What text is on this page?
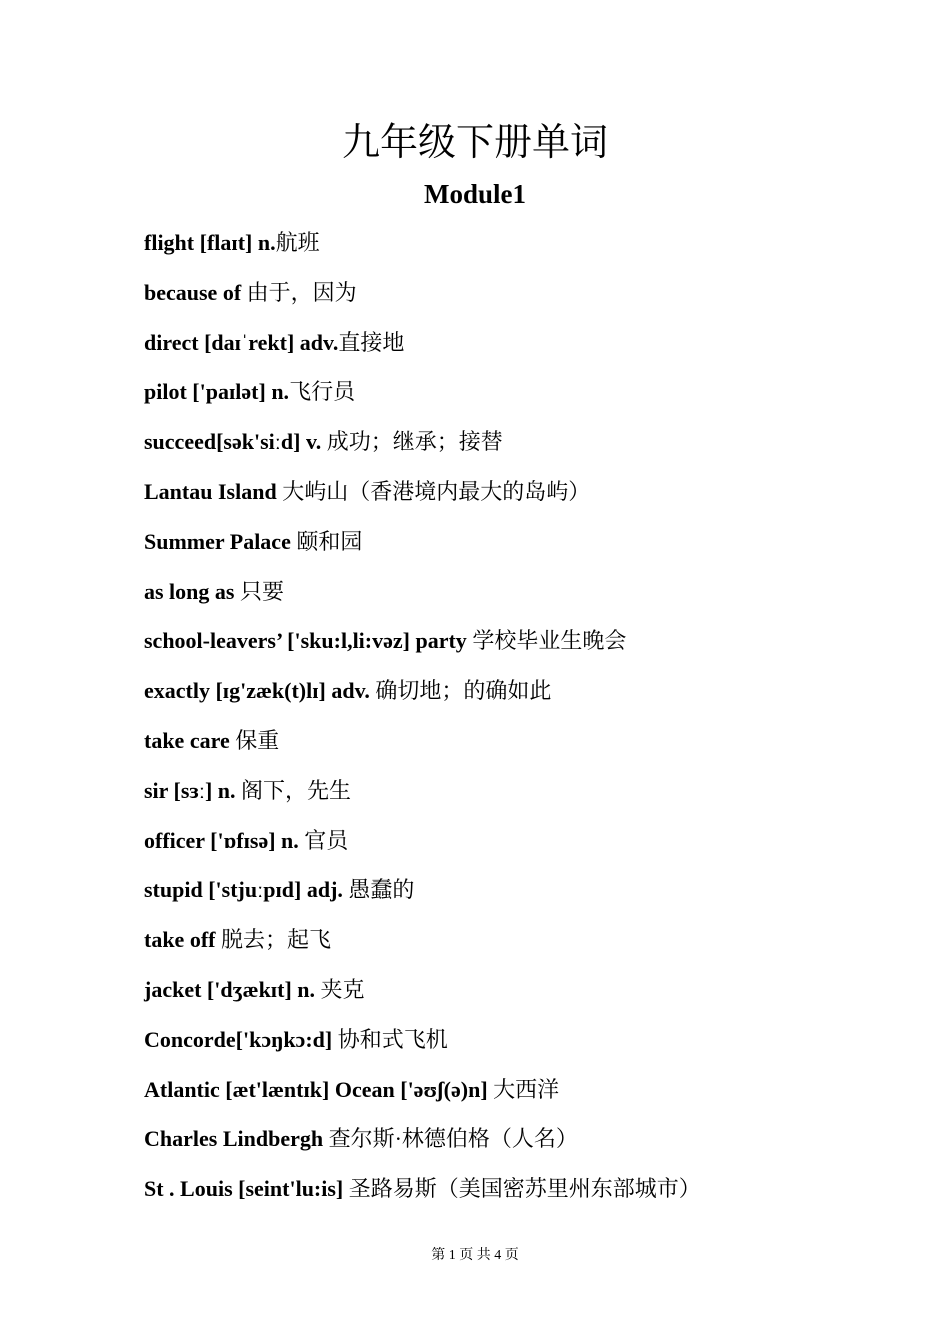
九年级下册单词
Module1
flight [flaɪt] n.航班
because of 由于，因为
direct [daɪˈrekt] adv.直接地
pilot ['paɪlət] n.飞行员
succeed[sək'siːd] v. 成功；继承；接替
Lantau Island 大屿山（香港境内最大的岛屿）
Summer Palace 颐和园
as long as 只要
school-leavers’ ['sku:l,li:vəz] party 学校毕业生晚会
exactly [ɪg'zæk(t)lɪ] adv. 确切地；的确如此
take care 保重
sir [sɜː] n. 阁下，先生
officer ['ɒfɪsə] n. 官员
stupid ['stjuːpɪd] adj. 愚蠢的
take off 脱去；起飞
jacket ['dʒækɪt] n. 夹克
Concorde['kɔŋkɔ:d] 协和式飞机
Atlantic [æt'læntɪk] Ocean ['əʊʃ(ə)n] 大西洋
Charles Lindbergh 查尔斯·林德伯格（人名）
St . Louis [seint'lu:is] 圣路易斯（美国密苏里州东部城市）
第 1 页 共 4 页
